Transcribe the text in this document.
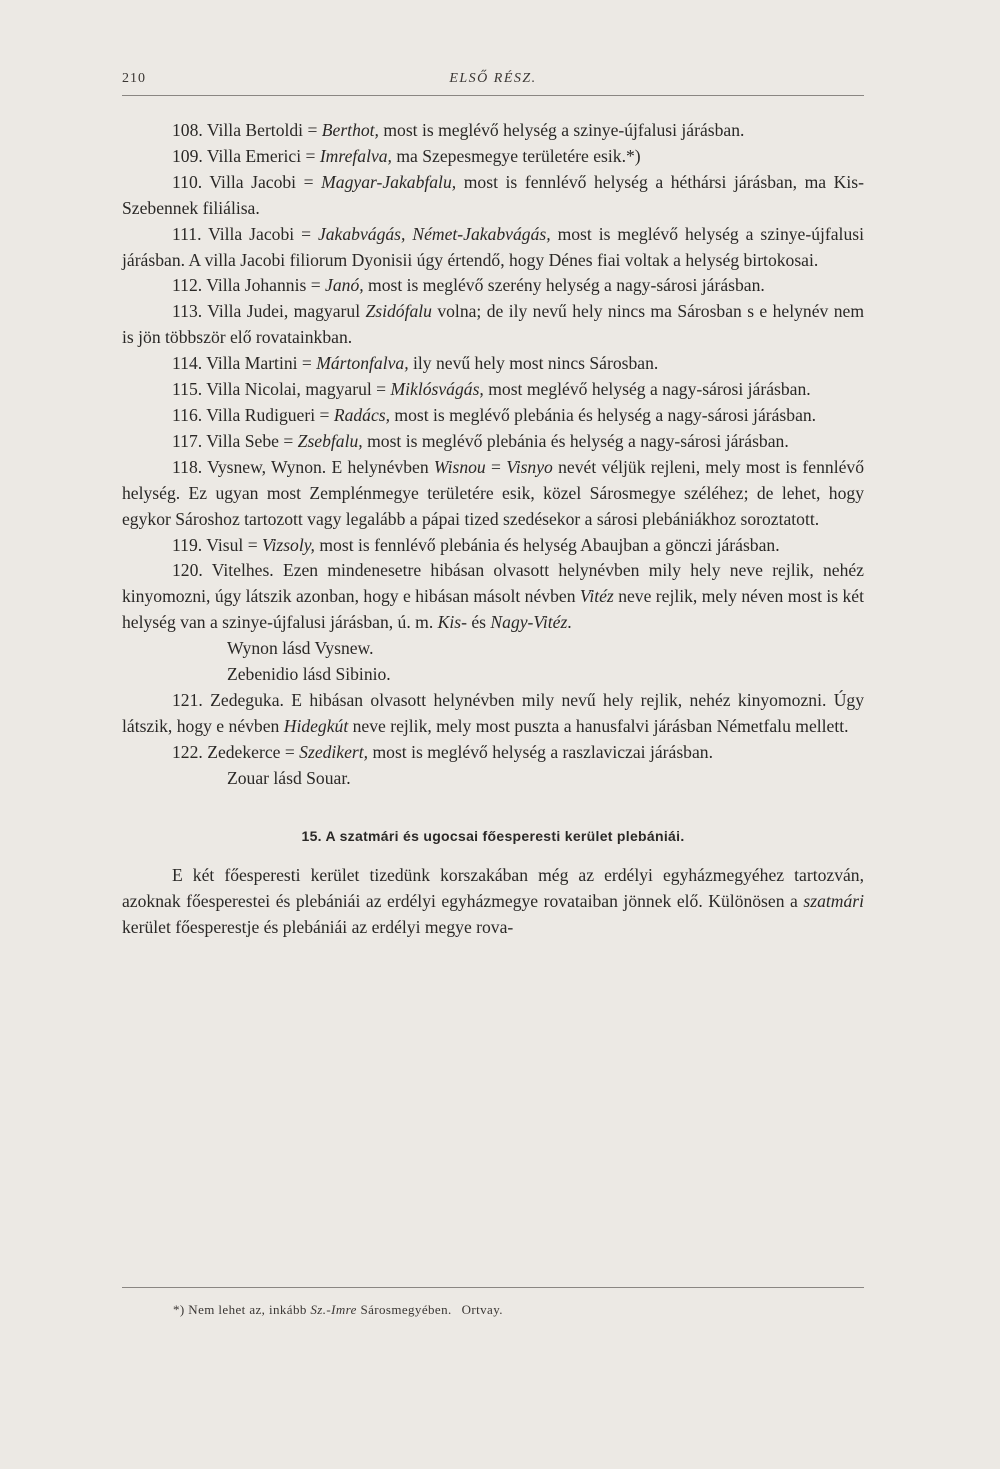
210	ELSŐ RÉSZ.

108. Villa Bertoldi = Berthot, most is meglévő helység a szinye-újfalusi járásban.

109. Villa Emerici = Imrefalva, ma Szepesmegye területére esik.*)

110. Villa Jacobi = Magyar-Jakabfalu, most is fennlévő helység a héthársi járásban, ma Kis-Szebennek filiálisa.

111. Villa Jacobi = Jakabvágás, Német-Jakabvágás, most is meglévő helység a szinye-újfalusi járásban. A villa Jacobi filiorum Dyonisii úgy értendő, hogy Dénes fiai voltak a helység birtokosai.

112. Villa Johannis = Janó, most is meglévő szerény helység a nagy-sárosi járásban.

113. Villa Judei, magyarul Zsidófalu volna; de ily nevű hely nincs ma Sárosban s e helynév nem is jön többször elő rovatainkban.

114. Villa Martini = Mártonfalva, ily nevű hely most nincs Sárosban.

115. Villa Nicolai, magyarul = Miklósvágás, most meglévő helység a nagy-sárosi járásban.

116. Villa Rudigueri = Radács, most is meglévő plebánia és helység a nagy-sárosi járásban.

117. Villa Sebe = Zsebfalu, most is meglévő plebánia és helység a nagy-sárosi járásban.

118. Vysnew, Wynon. E helynévben Wisnou = Visnyo nevét véljük rejleni, mely most is fennlévő helység. Ez ugyan most Zemplénmegye területére esik, közel Sárosmegye széléhez; de lehet, hogy egykor Sároshoz tartozott vagy legalább a pápai tized szedésekor a sárosi plebániákhoz soroztatott.

119. Visul = Vizsoly, most is fennlévő plebánia és helység Abaujban a gönczi járásban.

120. Vitelhes. Ezen mindenesetre hibásan olvasott helynévben mily hely neve rejlik, nehéz kinyomozni, úgy látszik azonban, hogy e hibásan másolt névben Vitéz neve rejlik, mely néven most is két helység van a szinye-újfalusi járásban, ú. m. Kis- és Nagy-Vitéz.

Wynon lásd Vysnew.

Zebenidio lásd Sibinio.

121. Zedeguka. E hibásan olvasott helynévben mily nevű hely rejlik, nehéz kinyomozni. Úgy látszik, hogy e névben Hidegkút neve rejlik, mely most puszta a hanusfalvi járásban Németfalu mellett.

122. Zedekerce = Szedikert, most is meglévő helység a raszlaviczai járásban.

Zouar lásd Souar.

15. A szatmári és ugocsai főesperesti kerület plebániái.

E két főesperesti kerület tizedünk korszakában még az erdélyi egyházmegyéhez tartozván, azoknak főesperestei és plebániái az erdélyi egyházmegye rovataiban jönnek elő. Különösen a szatmári kerület főesperestje és plebániái az erdélyi megye rova-

*) Nem lehet az, inkább Sz.-Imre Sárosmegyében. Ortvay.
